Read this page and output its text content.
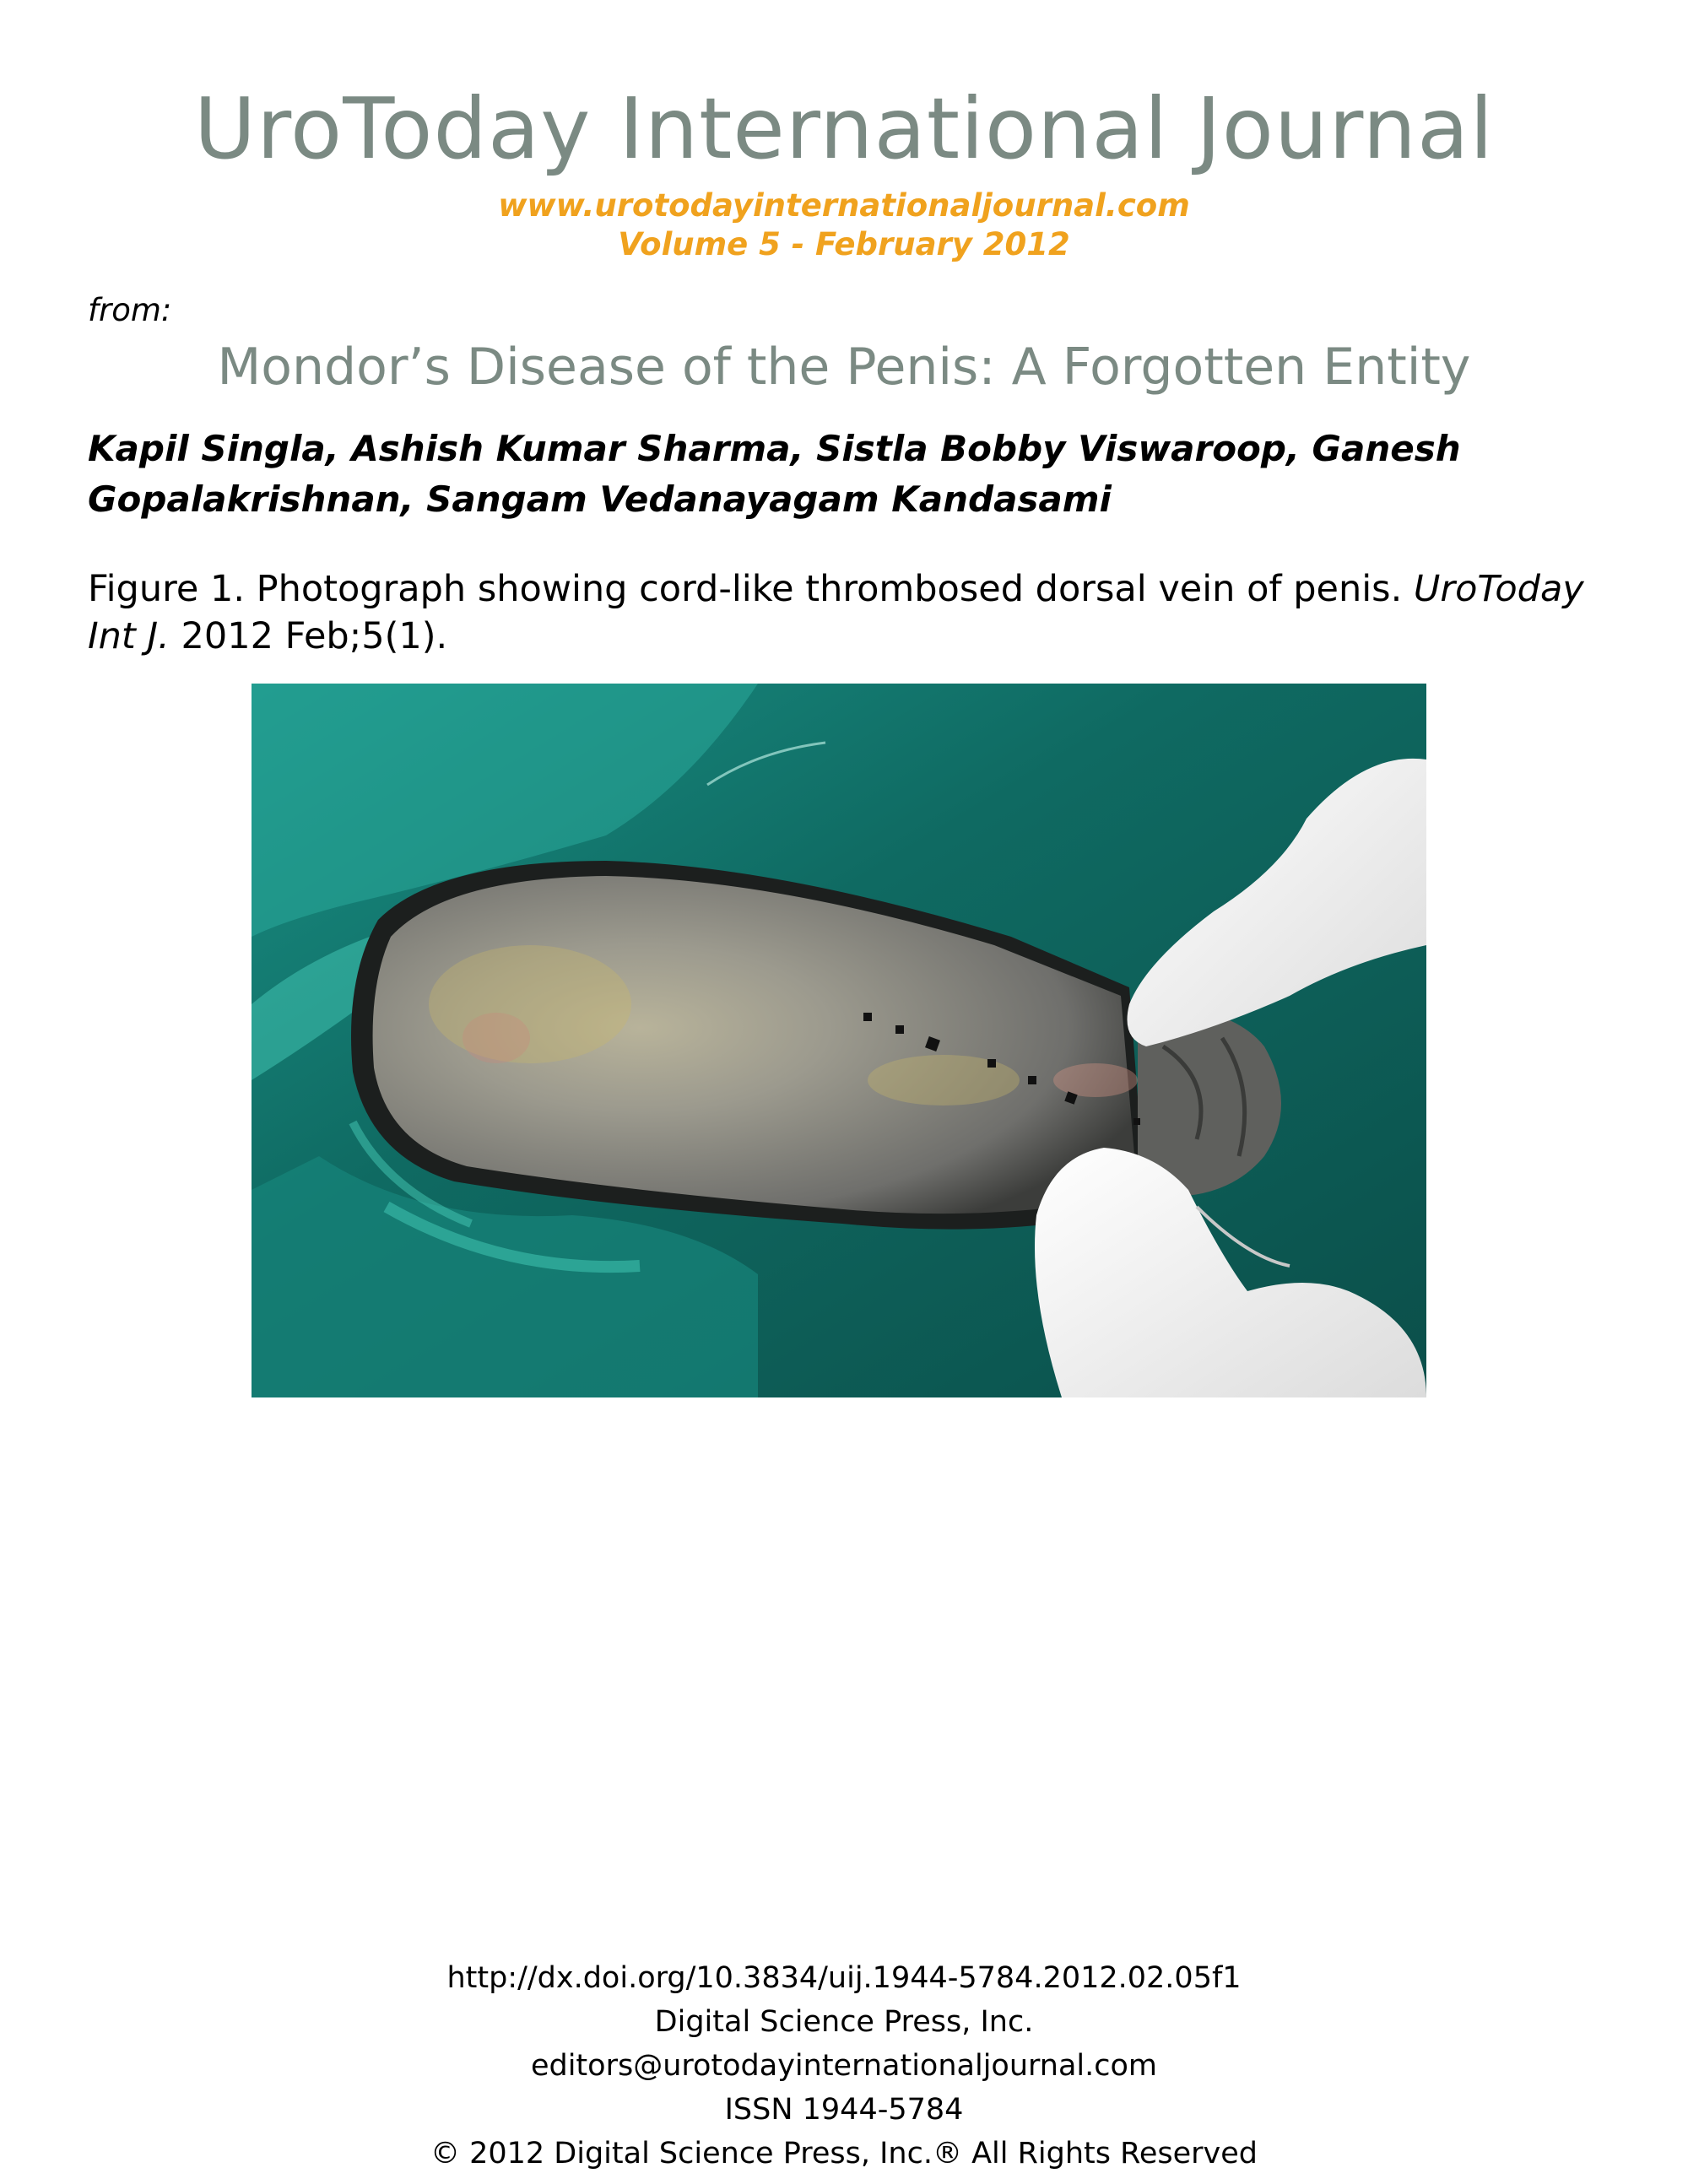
UroToday International Journal
www.urotodayinternationaljournal.com
Volume 5 - February 2012
from:
Mondor’s Disease of the Penis: A Forgotten Entity
Kapil Singla, Ashish Kumar Sharma, Sistla Bobby Viswaroop, Ganesh
Gopalakrishnan, Sangam Vedanayagam Kandasami
Figure 1. Photograph showing cord-like thrombosed dorsal vein of penis. UroToday Int J. 2012 Feb;5(1).
http://dx.doi.org/10.3834/uij.1944-5784.2012.02.05f1
Digital Science Press, Inc.
editors@urotodayinternationaljournal.com
ISSN 1944-5784
© 2012 Digital Science Press, Inc.® All Rights Reserved
